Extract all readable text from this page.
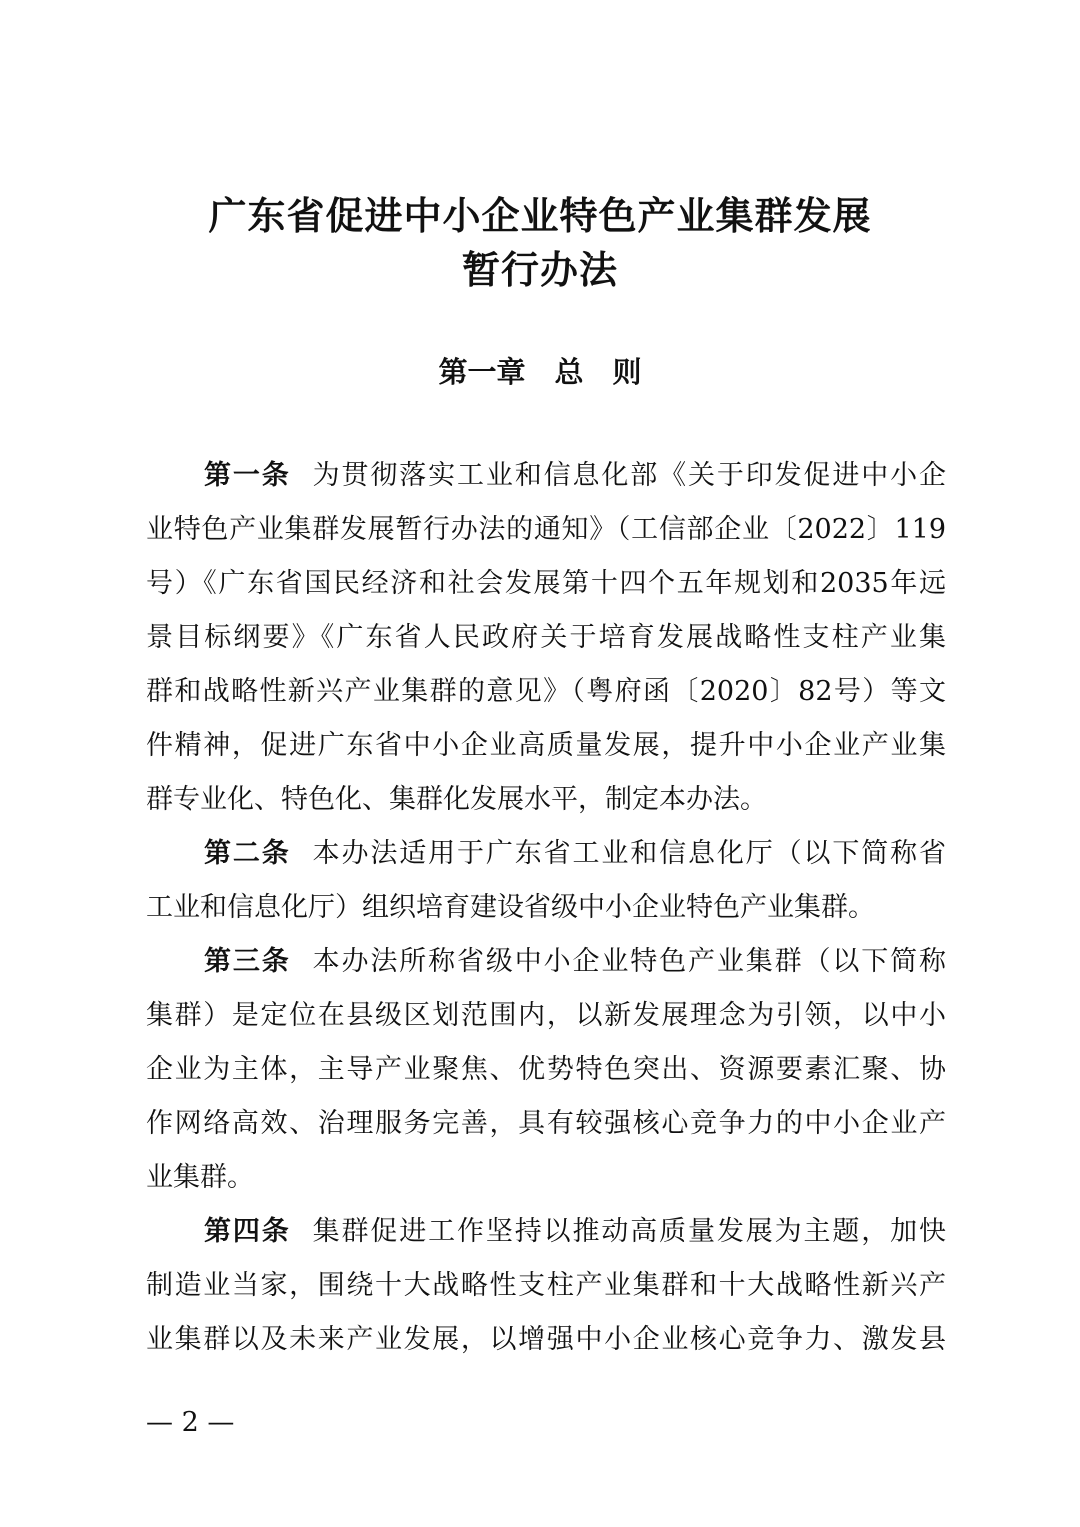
广东省促进中小企业特色产业集群发展
暂行办法
第一章　总　则
第一条 为贯彻落实工业和信息化部《关于印发促进中小企
业特色产业集群发展暂行办法的通知》（工信部企业〔2022〕119
号）《广东省国民经济和社会发展第十四个五年规划和2035年远
景目标纲要》《广东省人民政府关于培育发展战略性支柱产业集
群和战略性新兴产业集群的意见》（粤府函〔2020〕82号）等文
件精神，促进广东省中小企业高质量发展，提升中小企业产业集
群专业化、特色化、集群化发展水平，制定本办法。
第二条 本办法适用于广东省工业和信息化厅（以下简称省
工业和信息化厅）组织培育建设省级中小企业特色产业集群。
第三条 本办法所称省级中小企业特色产业集群（以下简称
集群）是定位在县级区划范围内，以新发展理念为引领，以中小
企业为主体，主导产业聚焦、优势特色突出、资源要素汇聚、协
作网络高效、治理服务完善，具有较强核心竞争力的中小企业产
业集群。
第四条 集群促进工作坚持以推动高质量发展为主题，加快
制造业当家，围绕十大战略性支柱产业集群和十大战略性新兴产
业集群以及未来产业发展，以增强中小企业核心竞争力、激发县
— 2 —
